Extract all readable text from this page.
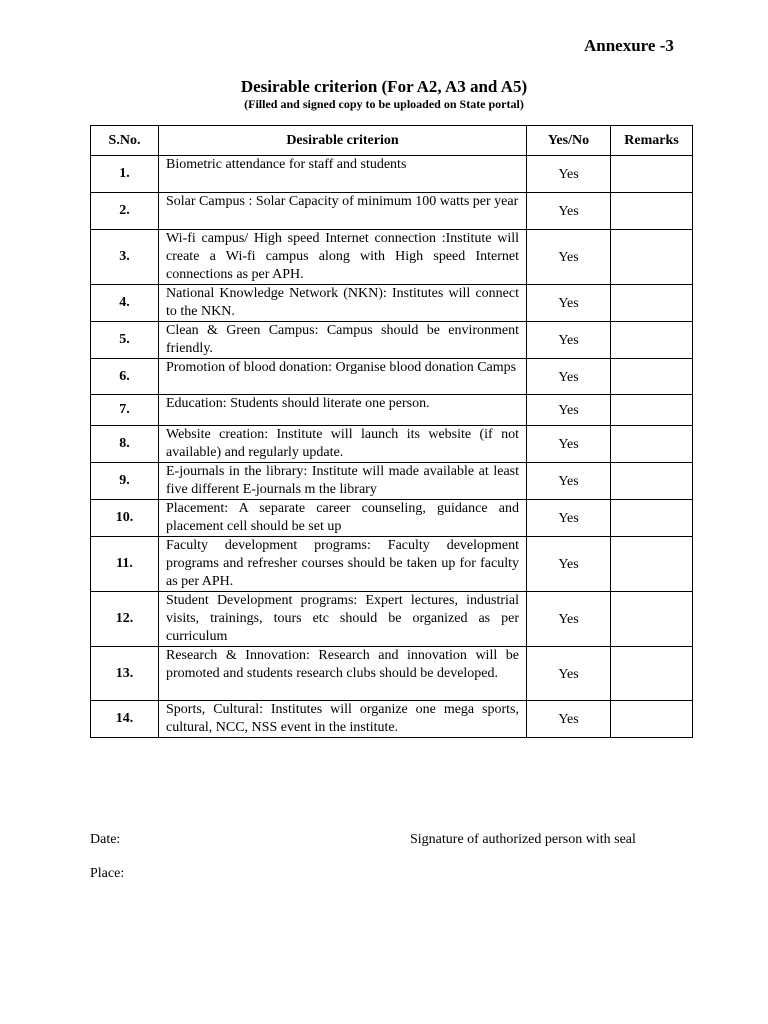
Annexure -3
Desirable criterion (For A2, A3 and A5)
(Filled and signed copy to be uploaded on State portal)
S.No.	Desirable criterion	Yes/No	Remarks
1.	Biometric attendance for staff and students	Yes	
2.	Solar Campus : Solar Capacity of minimum 100 watts per year	Yes	
3.	Wi-fi campus/ High speed Internet connection :Institute will create a Wi-fi campus along with High speed Internet connections as per APH.	Yes	
4.	National Knowledge Network (NKN): Institutes will connect to the NKN.	Yes	
5.	Clean & Green Campus: Campus should be environment friendly.	Yes	
6.	Promotion of blood donation: Organise blood donation Camps	Yes	
7.	Education: Students should literate one person.	Yes	
8.	Website creation: Institute will launch its website (if not available) and regularly update.	Yes	
9.	E-journals in the library: Institute will made available at least five different E-journals m the library	Yes	
10.	Placement: A separate career counseling, guidance and placement cell should be set up	Yes	
11.	Faculty development programs: Faculty development programs and refresher courses should be taken up for faculty as per APH.	Yes	
12.	Student Development programs: Expert lectures, industrial visits, trainings, tours etc should be organized as per curriculum	Yes	
13.	Research & Innovation: Research and innovation will be promoted and students research clubs should be developed.	Yes	
14.	Sports, Cultural: Institutes will organize one mega sports, cultural, NCC, NSS event in the institute.	Yes	
Date:	Signature of authorized person with seal
Place:
